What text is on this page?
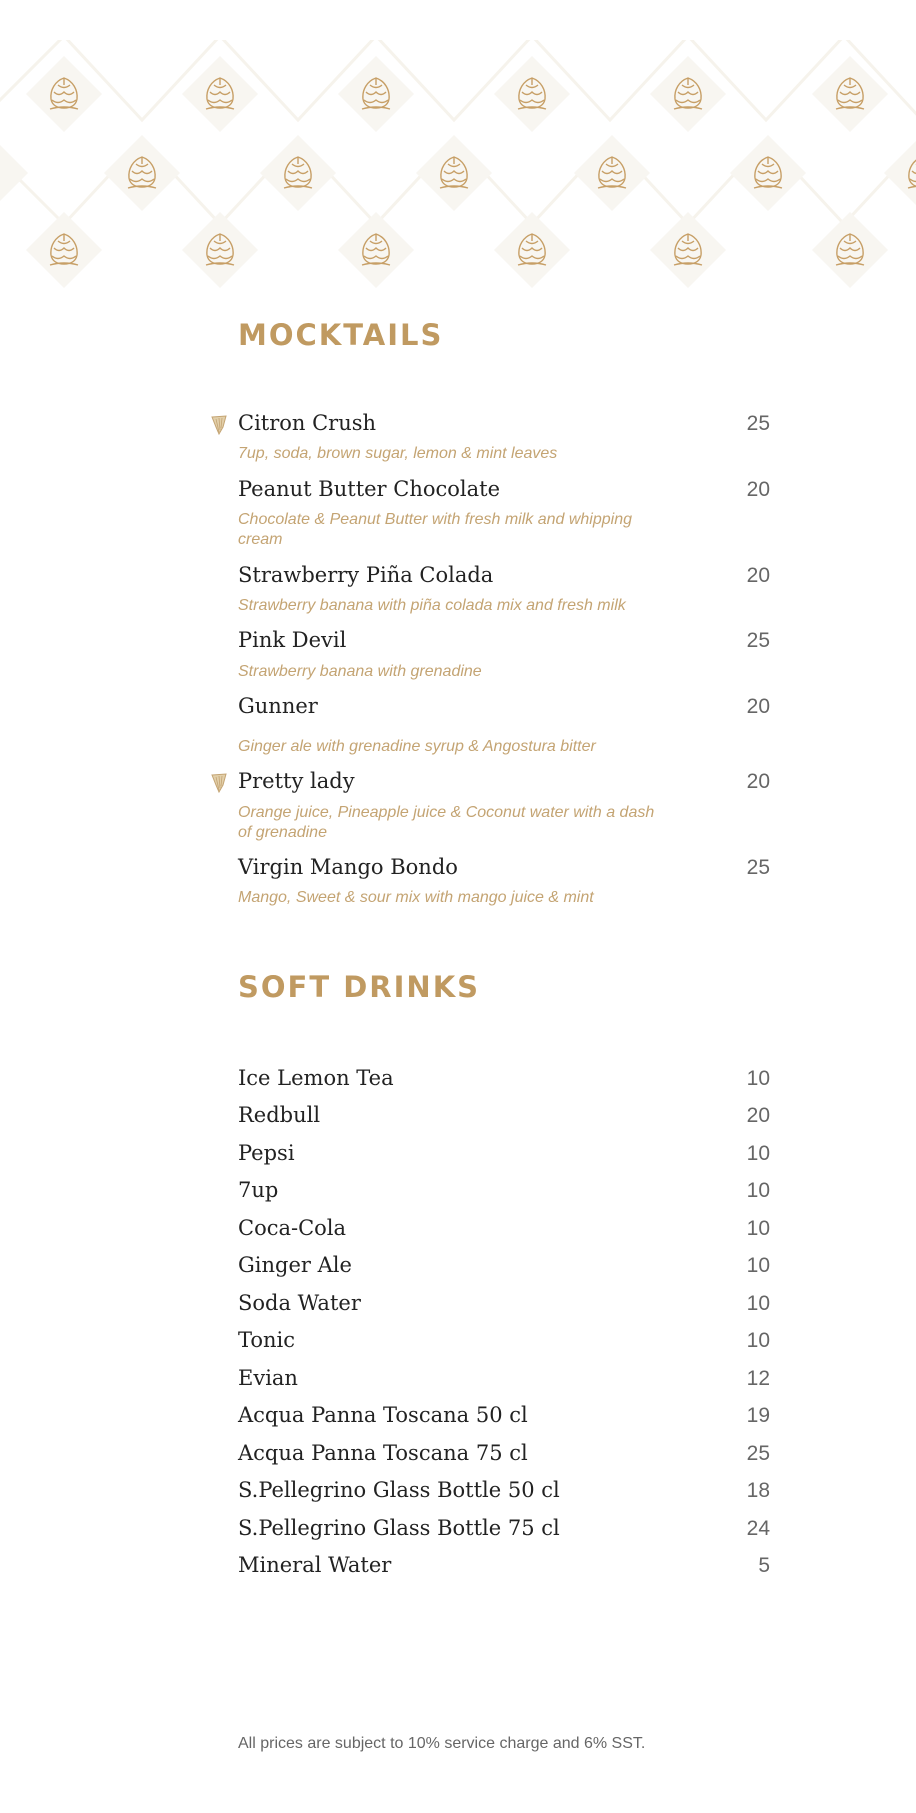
MOCKTAILS
Citron Crush	25
7up, soda, brown sugar, lemon & mint leaves
Peanut Butter Chocolate	20
Chocolate & Peanut Butter with fresh milk and whipping cream
Strawberry Piña Colada	20
Strawberry banana with piña colada mix and fresh milk
Pink Devil	25
Strawberry banana with grenadine
Gunner	20
Ginger ale with grenadine syrup & Angostura bitter
Pretty lady	20
Orange juice, Pineapple juice & Coconut water with a dash of grenadine
Virgin Mango Bondo	25
Mango, Sweet & sour mix with mango juice & mint
SOFT DRINKS
Ice Lemon Tea	10
Redbull	20
Pepsi	10
7up	10
Coca-Cola	10
Ginger Ale	10
Soda Water	10
Tonic	10
Evian	12
Acqua Panna Toscana 50 cl	19
Acqua Panna Toscana 75 cl	25
S.Pellegrino Glass Bottle 50 cl	18
S.Pellegrino Glass Bottle 75 cl	24
Mineral Water	5
All prices are subject to 10% service charge and 6% SST.
